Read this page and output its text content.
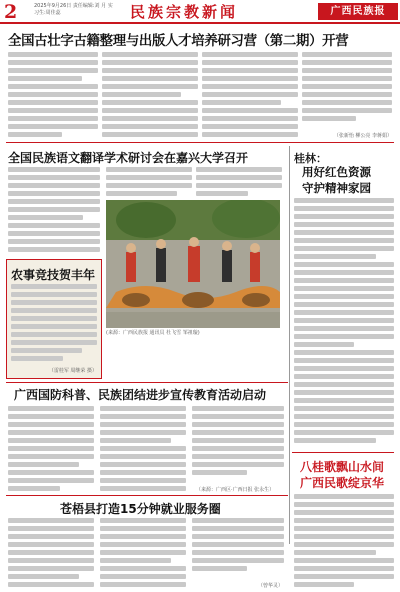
2	2025年9月26日 责任编辑:刘 月 实习生:周佳蕊	民族宗教新闻	广西民族报
全国古壮字古籍整理与出版人才培养研习营（第二期）开营
（张新怡 柳公亮 李蒋娟）
全国民族语文翻译学术研讨会在嘉兴大学召开	桂林：
用好红色资源
守护精神家园
农事竞技贺丰年
（雷桂军 周继荣 摄）
(来源：广西民族报 通讯员 杜飞雪 邹祖璇)
广西国防科普、民族团结进步宣传教育活动启动
（来源：广西区·广西日报 张永生）
苍梧县打造15分钟就业服务圈
（曾华灵）
八桂歌飘山水间
广西民歌绽京华
